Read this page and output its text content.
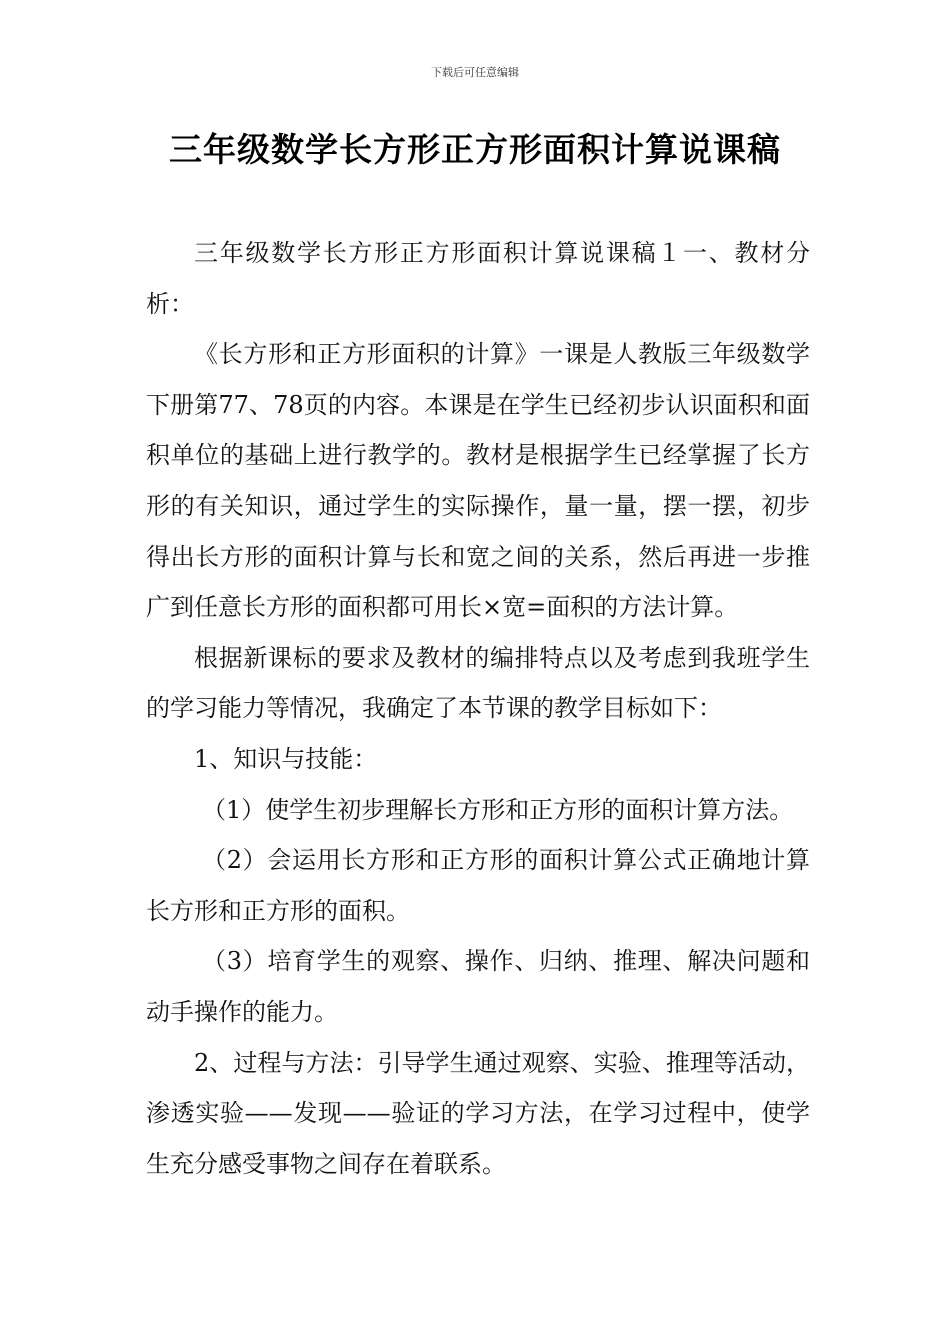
下载后可任意编辑
三年级数学长方形正方形面积计算说课稿

三年级数学长方形正方形面积计算说课稿１一、教材分析：

《长方形和正方形面积的计算》一课是人教版三年级数学下册第77、78页的内容。本课是在学生已经初步认识面积和面积单位的基础上进行教学的。教材是根据学生已经掌握了长方形的有关知识，通过学生的实际操作，量一量，摆一摆，初步得出长方形的面积计算与长和宽之间的关系，然后再进一步推广到任意长方形的面积都可用长×宽=面积的方法计算。

根据新课标的要求及教材的编排特点以及考虑到我班学生的学习能力等情况，我确定了本节课的教学目标如下：

1、知识与技能：

（1）使学生初步理解长方形和正方形的面积计算方法。

（2）会运用长方形和正方形的面积计算公式正确地计算长方形和正方形的面积。

（3）培育学生的观察、操作、归纳、推理、解决问题和动手操作的能力。

2、过程与方法：引导学生通过观察、实验、推理等活动，渗透实验——发现——验证的学习方法，在学习过程中，使学生充分感受事物之间存在着联系。
